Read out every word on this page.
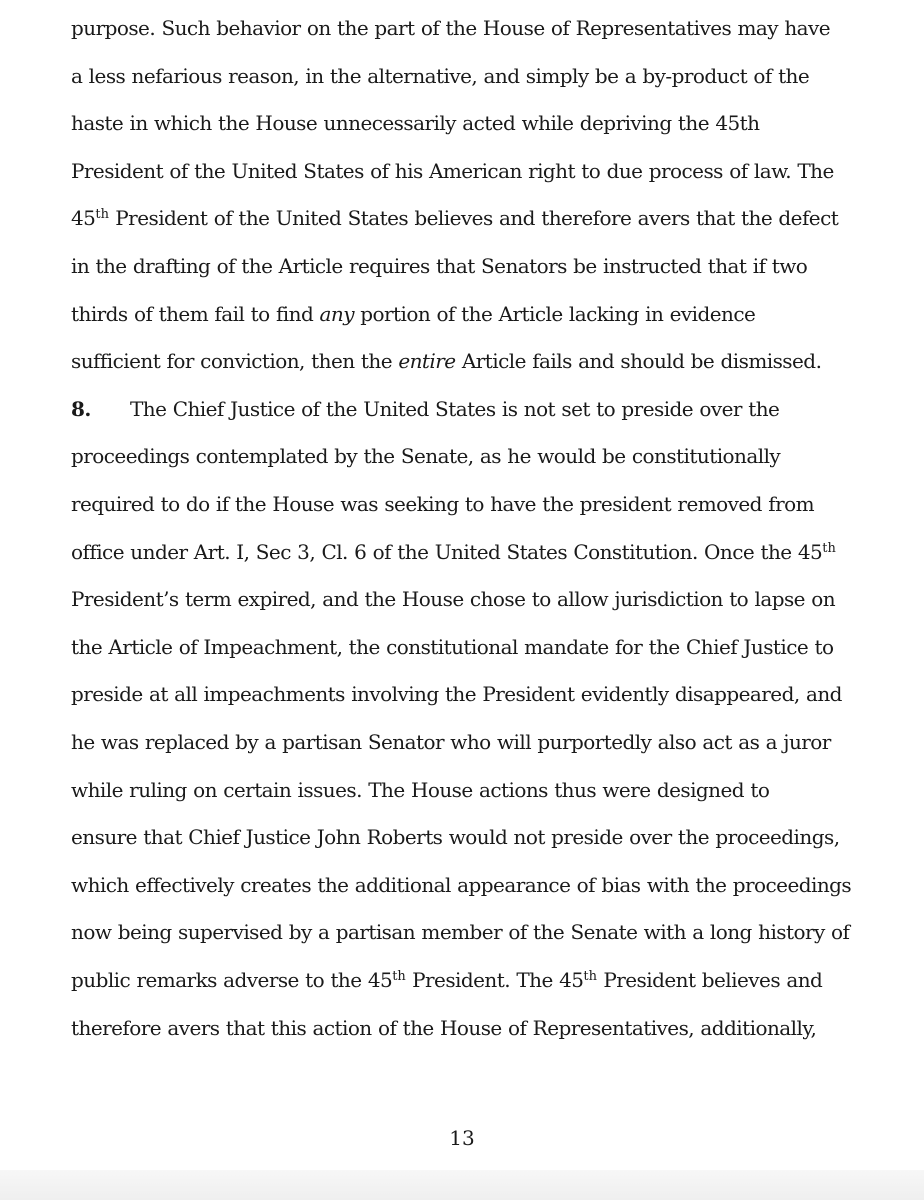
purpose. Such behavior on the part of the House of Representatives may have

a less nefarious reason, in the alternative, and simply be a by-product of the

haste in which the House unnecessarily acted while depriving the 45th

President of the United States of his American right to due process of law. The

45th President of the United States believes and therefore avers that the defect

in the drafting of the Article requires that Senators be instructed that if two

thirds of them fail to find any portion of the Article lacking in evidence

sufficient for conviction, then the entire Article fails and should be dismissed.

8. The Chief Justice of the United States is not set to preside over the

proceedings contemplated by the Senate, as he would be constitutionally

required to do if the House was seeking to have the president removed from

office under Art. I, Sec 3, Cl. 6 of the United States Constitution. Once the 45th

President’s term expired, and the House chose to allow jurisdiction to lapse on

the Article of Impeachment, the constitutional mandate for the Chief Justice to

preside at all impeachments involving the President evidently disappeared, and

he was replaced by a partisan Senator who will purportedly also act as a juror

while ruling on certain issues. The House actions thus were designed to

ensure that Chief Justice John Roberts would not preside over the proceedings,

which effectively creates the additional appearance of bias with the proceedings

now being supervised by a partisan member of the Senate with a long history of

public remarks adverse to the 45th President. The 45th President believes and

therefore avers that this action of the House of Representatives, additionally,

13
